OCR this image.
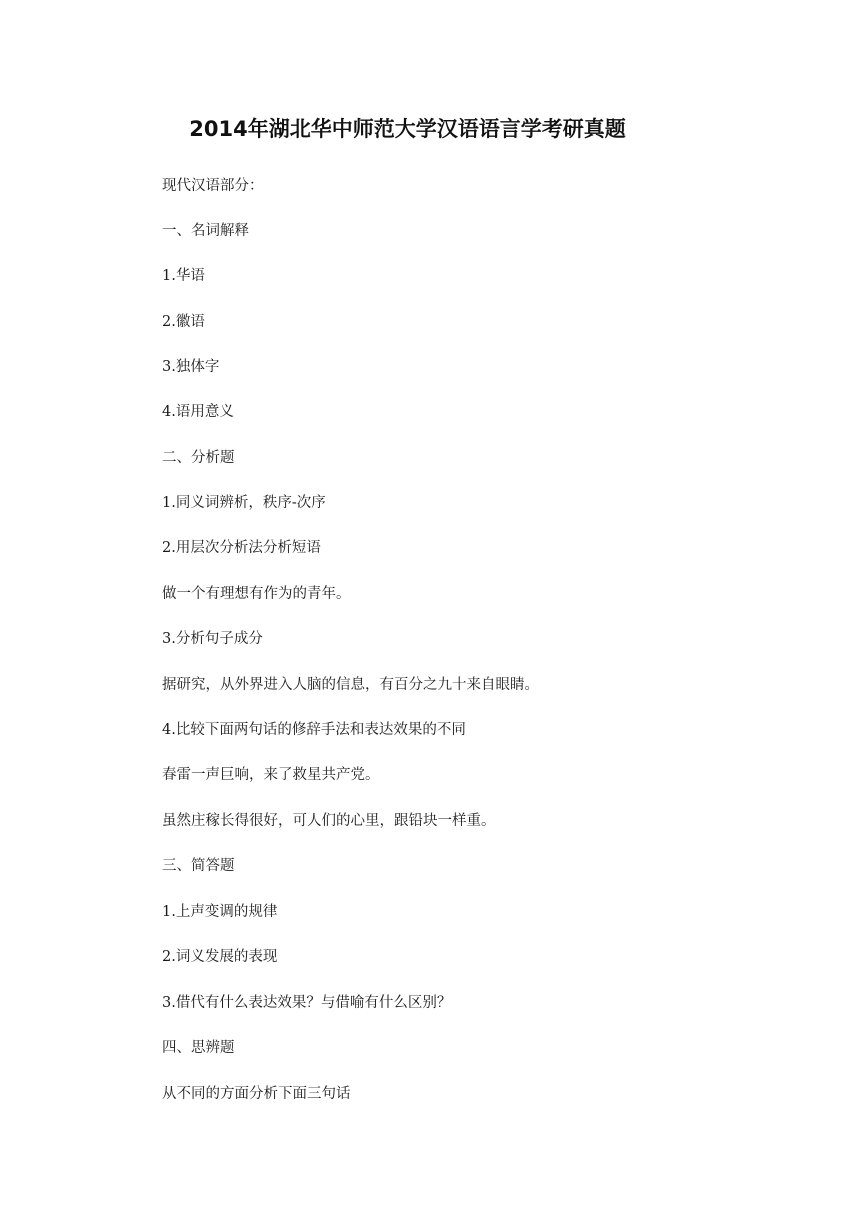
2014年湖北华中师范大学汉语语言学考研真题
现代汉语部分：
一、名词解释
1.华语
2.徽语
3.独体字
4.语用意义
二、分析题
1.同义词辨析，秩序-次序
2.用层次分析法分析短语
做一个有理想有作为的青年。
3.分析句子成分
据研究，从外界进入人脑的信息，有百分之九十来自眼睛。
4.比较下面两句话的修辞手法和表达效果的不同
春雷一声巨响，来了救星共产党。
虽然庄稼长得很好，可人们的心里，跟铅块一样重。
三、简答题
1.上声变调的规律
2.词义发展的表现
3.借代有什么表达效果？与借喻有什么区别？
四、思辨题
从不同的方面分析下面三句话
